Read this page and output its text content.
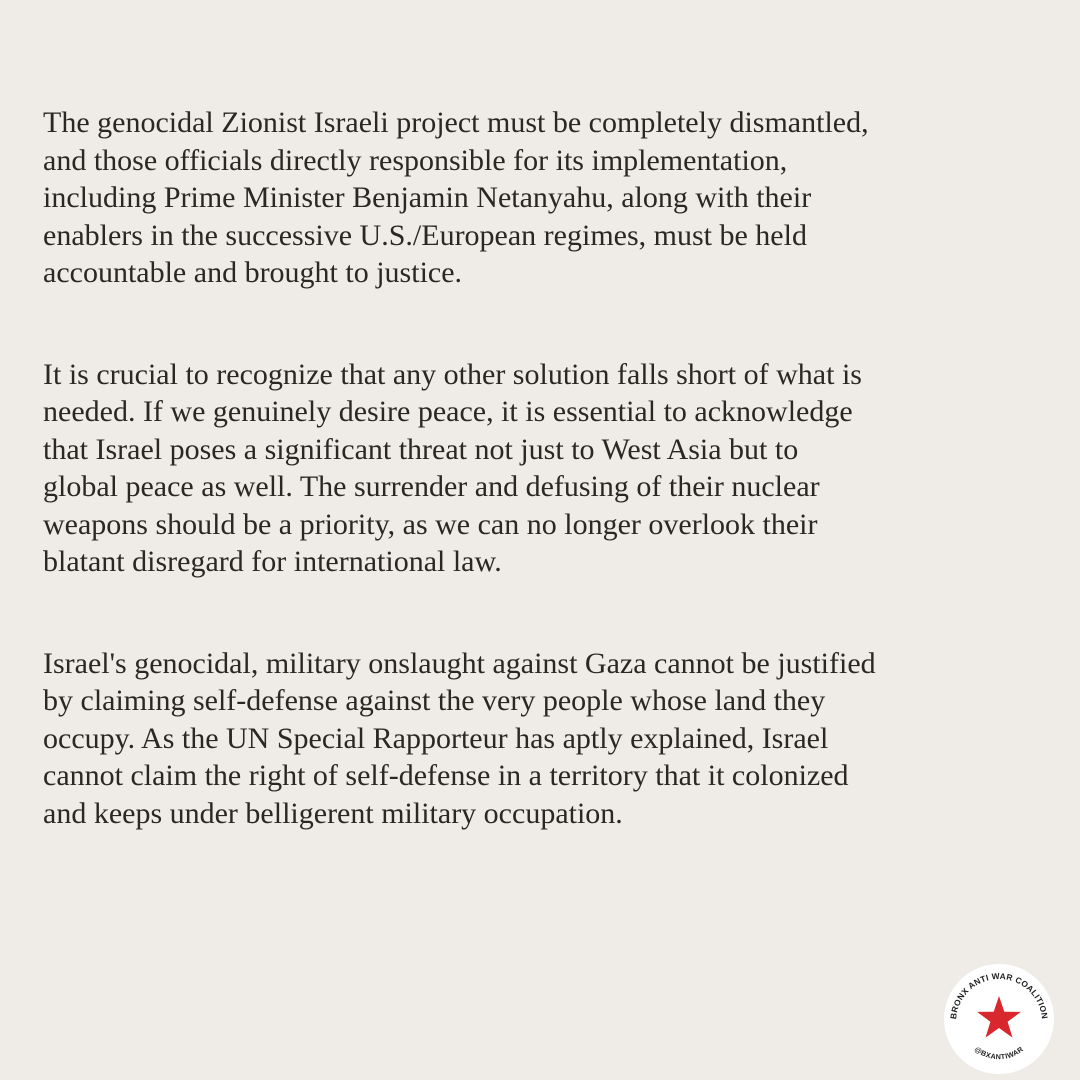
The genocidal Zionist Israeli project must be completely dismantled,
and those officials directly responsible for its implementation,
including Prime Minister Benjamin Netanyahu, along with their
enablers in the successive U.S./European regimes, must be held
accountable and brought to justice.

It is crucial to recognize that any other solution falls short of what is
needed. If we genuinely desire peace, it is essential to acknowledge
that Israel poses a significant threat not just to West Asia but to
global peace as well. The surrender and defusing of their nuclear
weapons should be a priority, as we can no longer overlook their
blatant disregard for international law.

Israel's genocidal, military onslaught against Gaza cannot be justified
by claiming self-defense against the very people whose land they
occupy. As the UN Special Rapporteur has aptly explained, Israel
cannot claim the right of self-defense in a territory that it colonized
and keeps under belligerent military occupation.

BRONX ANTI WAR COALITION
@BXANTIWAR
